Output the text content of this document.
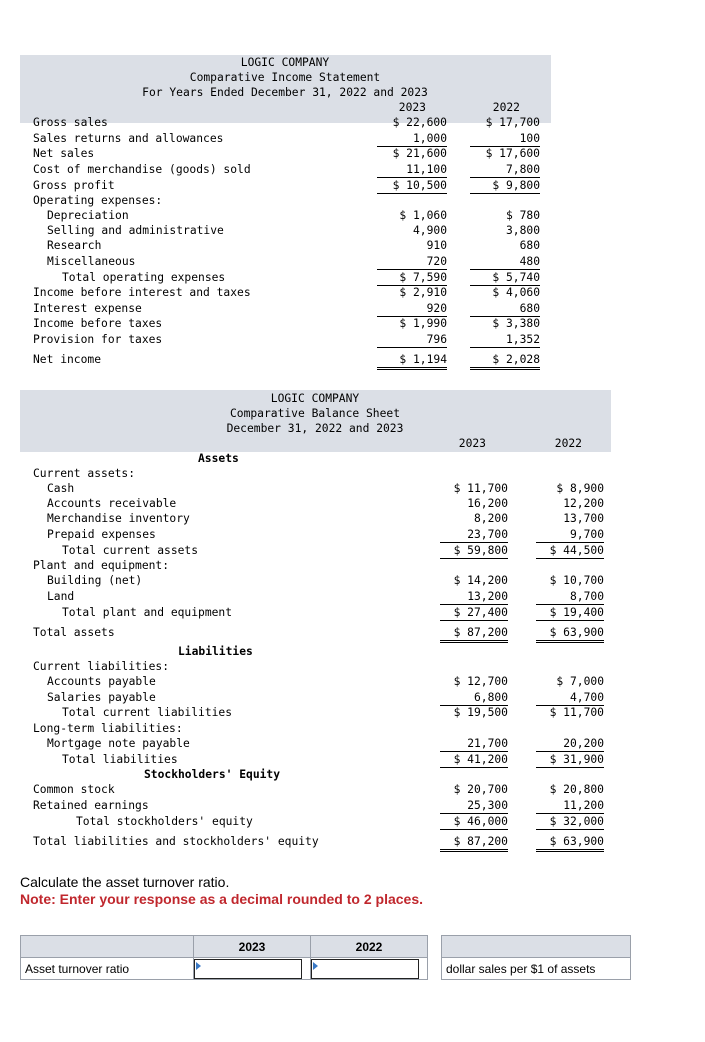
LOGIC COMPANY
Comparative Income Statement
For Years Ended December 31, 2022 and 2023
2023	2022
Gross sales	$ 22,600	$ 17,700
Sales returns and allowances	1,000	100
Net sales	$ 21,600	$ 17,600
Cost of merchandise (goods) sold	11,100	7,800
Gross profit	$ 10,500	$ 9,800
Operating expenses:
Depreciation	$ 1,060	$ 780
Selling and administrative	4,900	3,800
Research	910	680
Miscellaneous	720	480
Total operating expenses	$ 7,590	$ 5,740
Income before interest and taxes	$ 2,910	$ 4,060
Interest expense	920	680
Income before taxes	$ 1,990	$ 3,380
Provision for taxes	796	1,352
Net income	$ 1,194	$ 2,028
LOGIC COMPANY
Comparative Balance Sheet
December 31, 2022 and 2023
2023	2022
Assets
Liabilities
Stockholders' Equity
Current assets:
Cash	$ 11,700	$ 8,900
Accounts receivable	16,200	12,200
Merchandise inventory	8,200	13,700
Prepaid expenses	23,700	9,700
Total current assets	$ 59,800	$ 44,500
Plant and equipment:
Building (net)	$ 14,200	$ 10,700
Land	13,200	8,700
Total plant and equipment	$ 27,400	$ 19,400
Total assets	$ 87,200	$ 63,900
Current liabilities:
Accounts payable	$ 12,700	$ 7,000
Salaries payable	6,800	4,700
Total current liabilities	$ 19,500	$ 11,700
Long-term liabilities:
Mortgage note payable	21,700	20,200
Total liabilities	$ 41,200	$ 31,900
Common stock	$ 20,700	$ 20,800
Retained earnings	25,300	11,200
Total stockholders' equity	$ 46,000	$ 32,000
Total liabilities and stockholders' equity	$ 87,200	$ 63,900
Calculate the asset turnover ratio.
Note: Enter your response as a decimal rounded to 2 places.
	2023	2022		
Asset turnover ratio				dollar sales per $1 of assets
